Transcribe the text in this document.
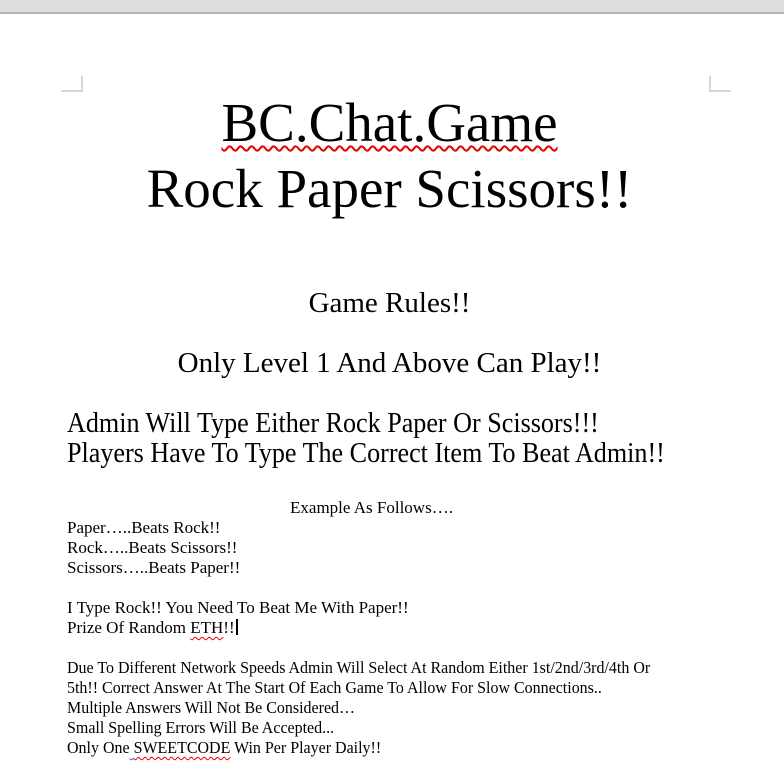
BC.Chat.Game
Rock Paper Scissors!!
Game Rules!!
Only Level 1 And Above Can Play!!
Admin Will Type Either Rock Paper Or Scissors!!!
Players Have To Type The Correct Item To Beat Admin!!
Example As Follows….
Paper…..Beats Rock!!
Rock…..Beats Scissors!!
Scissors…..Beats Paper!!
I Type Rock!! You Need To Beat Me With Paper!!
Prize Of Random ETH!!
Due To Different Network Speeds Admin Will Select At Random Either 1st/2nd/3rd/4th Or
5th!! Correct Answer At The Start Of Each Game To Allow For Slow Connections..
Multiple Answers Will Not Be Considered…
Small Spelling Errors Will Be Accepted...
Only One SWEETCODE Win Per Player Daily!!
